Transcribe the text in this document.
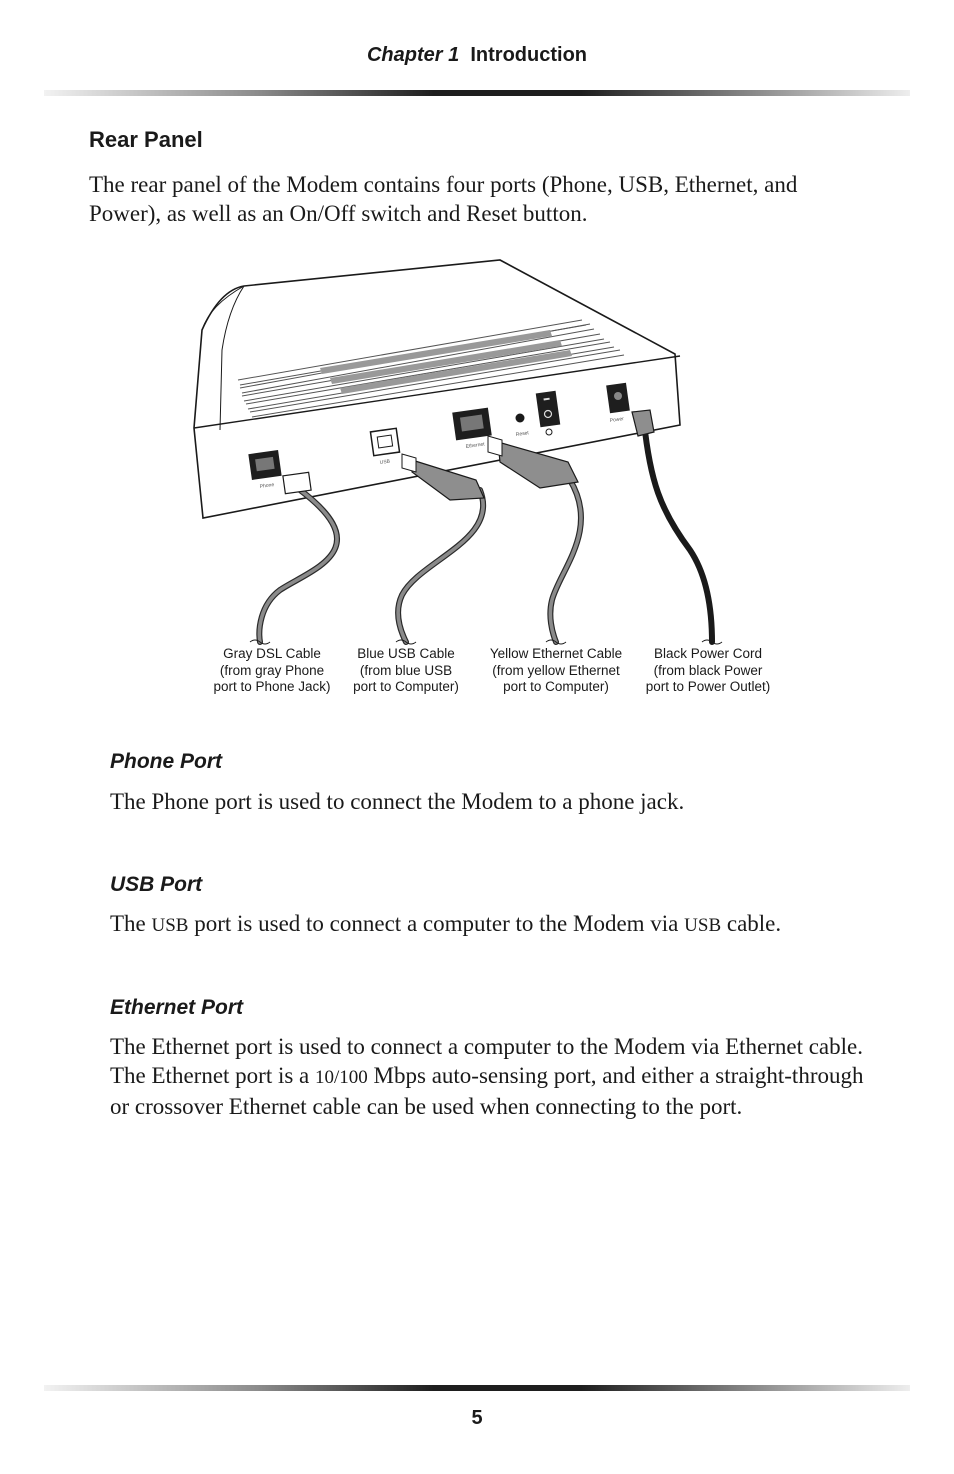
Chapter 1 Introduction
Rear Panel
The rear panel of the Modem contains four ports (Phone, USB, Ethernet, and Power), as well as an On/Off switch and Reset button.
Phone
USB
Ethernet
Reset
Power
Gray DSL Cable
(from gray Phone
port to Phone Jack)
Blue USB Cable
(from blue USB
port to Computer)
Yellow Ethernet Cable
(from yellow Ethernet
port to Computer)
Black Power Cord
(from black Power
port to Power Outlet)
Phone Port
The Phone port is used to connect the Modem to a phone jack.
USB Port
The USB port is used to connect a computer to the Modem via USB cable.
Ethernet Port
The Ethernet port is used to connect a computer to the Modem via Ethernet cable. The Ethernet port is a 10/100 Mbps auto-sensing port, and either a straight-through or crossover Ethernet cable can be used when connecting to the port.
5
